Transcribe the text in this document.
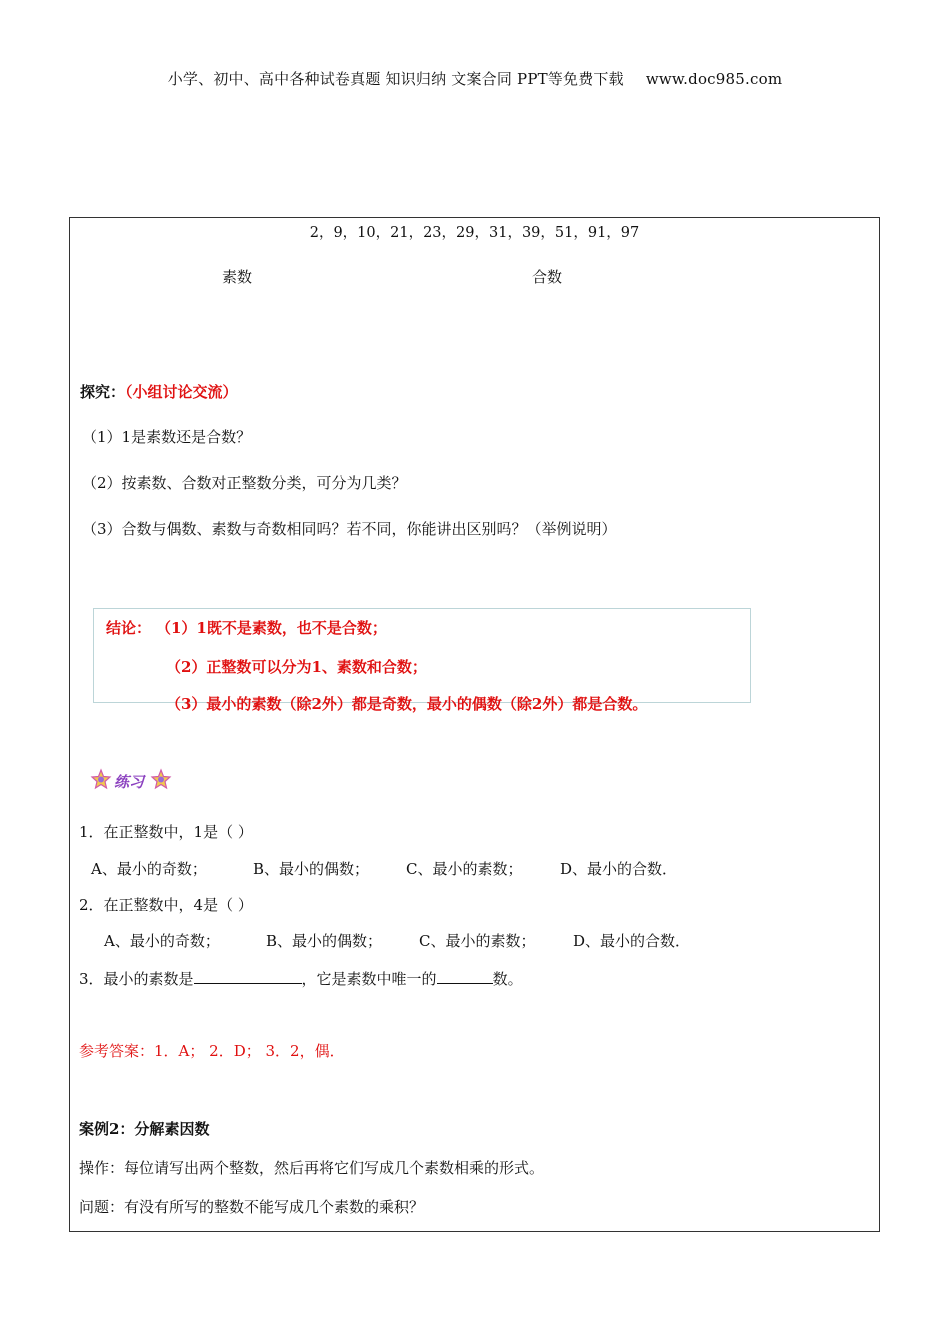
小学、初中、高中各种试卷真题 知识归纳 文案合同 PPT等免费下载 www.doc985.com
2，9，10，21，23，29，31，39，51，91，97
素数	合数
探究：（小组讨论交流）
（1）1是素数还是合数？
（2）按素数、合数对正整数分类，可分为几类？
（3）合数与偶数、素数与奇数相同吗？若不同，你能讲出区别吗？（举例说明）
结论： （1）1既不是素数，也不是合数；
（2）正整数可以分为1、素数和合数；
（3）最小的素数（除2外）都是奇数，最小的偶数（除2外）都是合数。
练习
1．在正整数中，1是（ ）
A、最小的奇数；	B、最小的偶数； C、最小的素数；	D、最小的合数．
2．在正整数中，4是（ ）
A、最小的奇数；	B、最小的偶数； C、最小的素数；	D、最小的合数．
3．最小的素数是	，它是素数中唯一的	数。
参考答案：1．A； 2．D； 3．2，偶．
案例2：分解素因数
操作：每位请写出两个整数，然后再将它们写成几个素数相乘的形式。
问题：有没有所写的整数不能写成几个素数的乘积？
